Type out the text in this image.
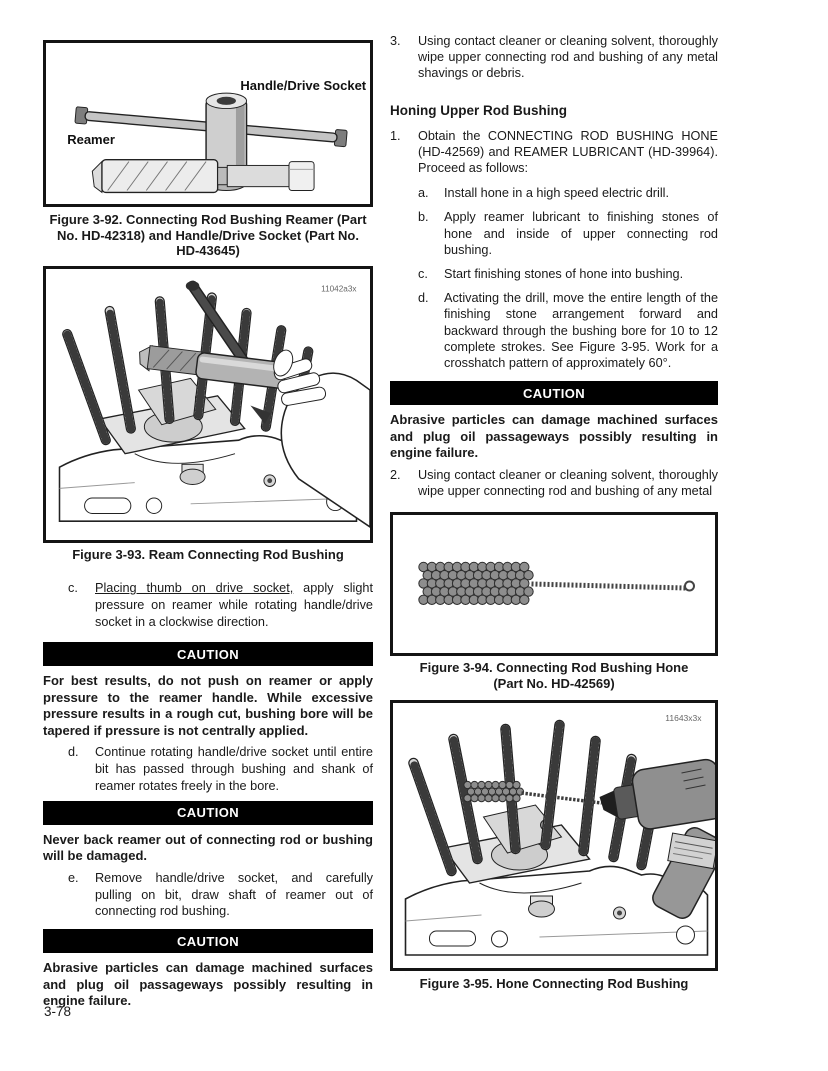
Handle/Drive Socket
Reamer
Figure 3-92. Connecting Rod Bushing Reamer (Part No. HD-42318) and Handle/Drive Socket (Part No. HD-43645)
11042a3x
Figure 3-93. Ream Connecting Rod Bushing
c.	Placing thumb on drive socket, apply slight pressure on reamer while rotating handle/drive socket in a clockwise direction.
CAUTION
For best results, do not push on reamer or apply pressure to the reamer handle. While excessive pressure results in a rough cut, bushing bore will be tapered if pressure is not centrally applied.
d.	Continue rotating handle/drive socket until entire bit has passed through bushing and shank of reamer rotates freely in the bore.
CAUTION
Never back reamer out of connecting rod or bushing will be damaged.
e.	Remove handle/drive socket, and carefully pulling on bit, draw shaft of reamer out of connecting rod bushing.
CAUTION
Abrasive particles can damage machined surfaces and plug oil passageways possibly resulting in engine failure.
3.	Using contact cleaner or cleaning solvent, thoroughly wipe upper connecting rod and bushing of any metal shavings or debris.
Honing Upper Rod Bushing
1.	Obtain the CONNECTING ROD BUSHING HONE (HD-42569) and REAMER LUBRICANT (HD-39964). Proceed as follows:
a.	Install hone in a high speed electric drill.
b.	Apply reamer lubricant to finishing stones of hone and inside of upper connecting rod bushing.
c.	Start finishing stones of hone into bushing.
d.	Activating the drill, move the entire length of the finishing stone arrangement forward and backward through the bushing bore for 10 to 12 complete strokes. See Figure 3-95. Work for a crosshatch pattern of approximately 60°.
CAUTION
Abrasive particles can damage machined surfaces and plug oil passageways possibly resulting in engine failure.
2.	Using contact cleaner or cleaning solvent, thoroughly wipe upper connecting rod and bushing of any metal
Figure 3-94. Connecting Rod Bushing Hone
(Part No. HD-42569)
11643x3x
Figure 3-95. Hone Connecting Rod Bushing
3-78
